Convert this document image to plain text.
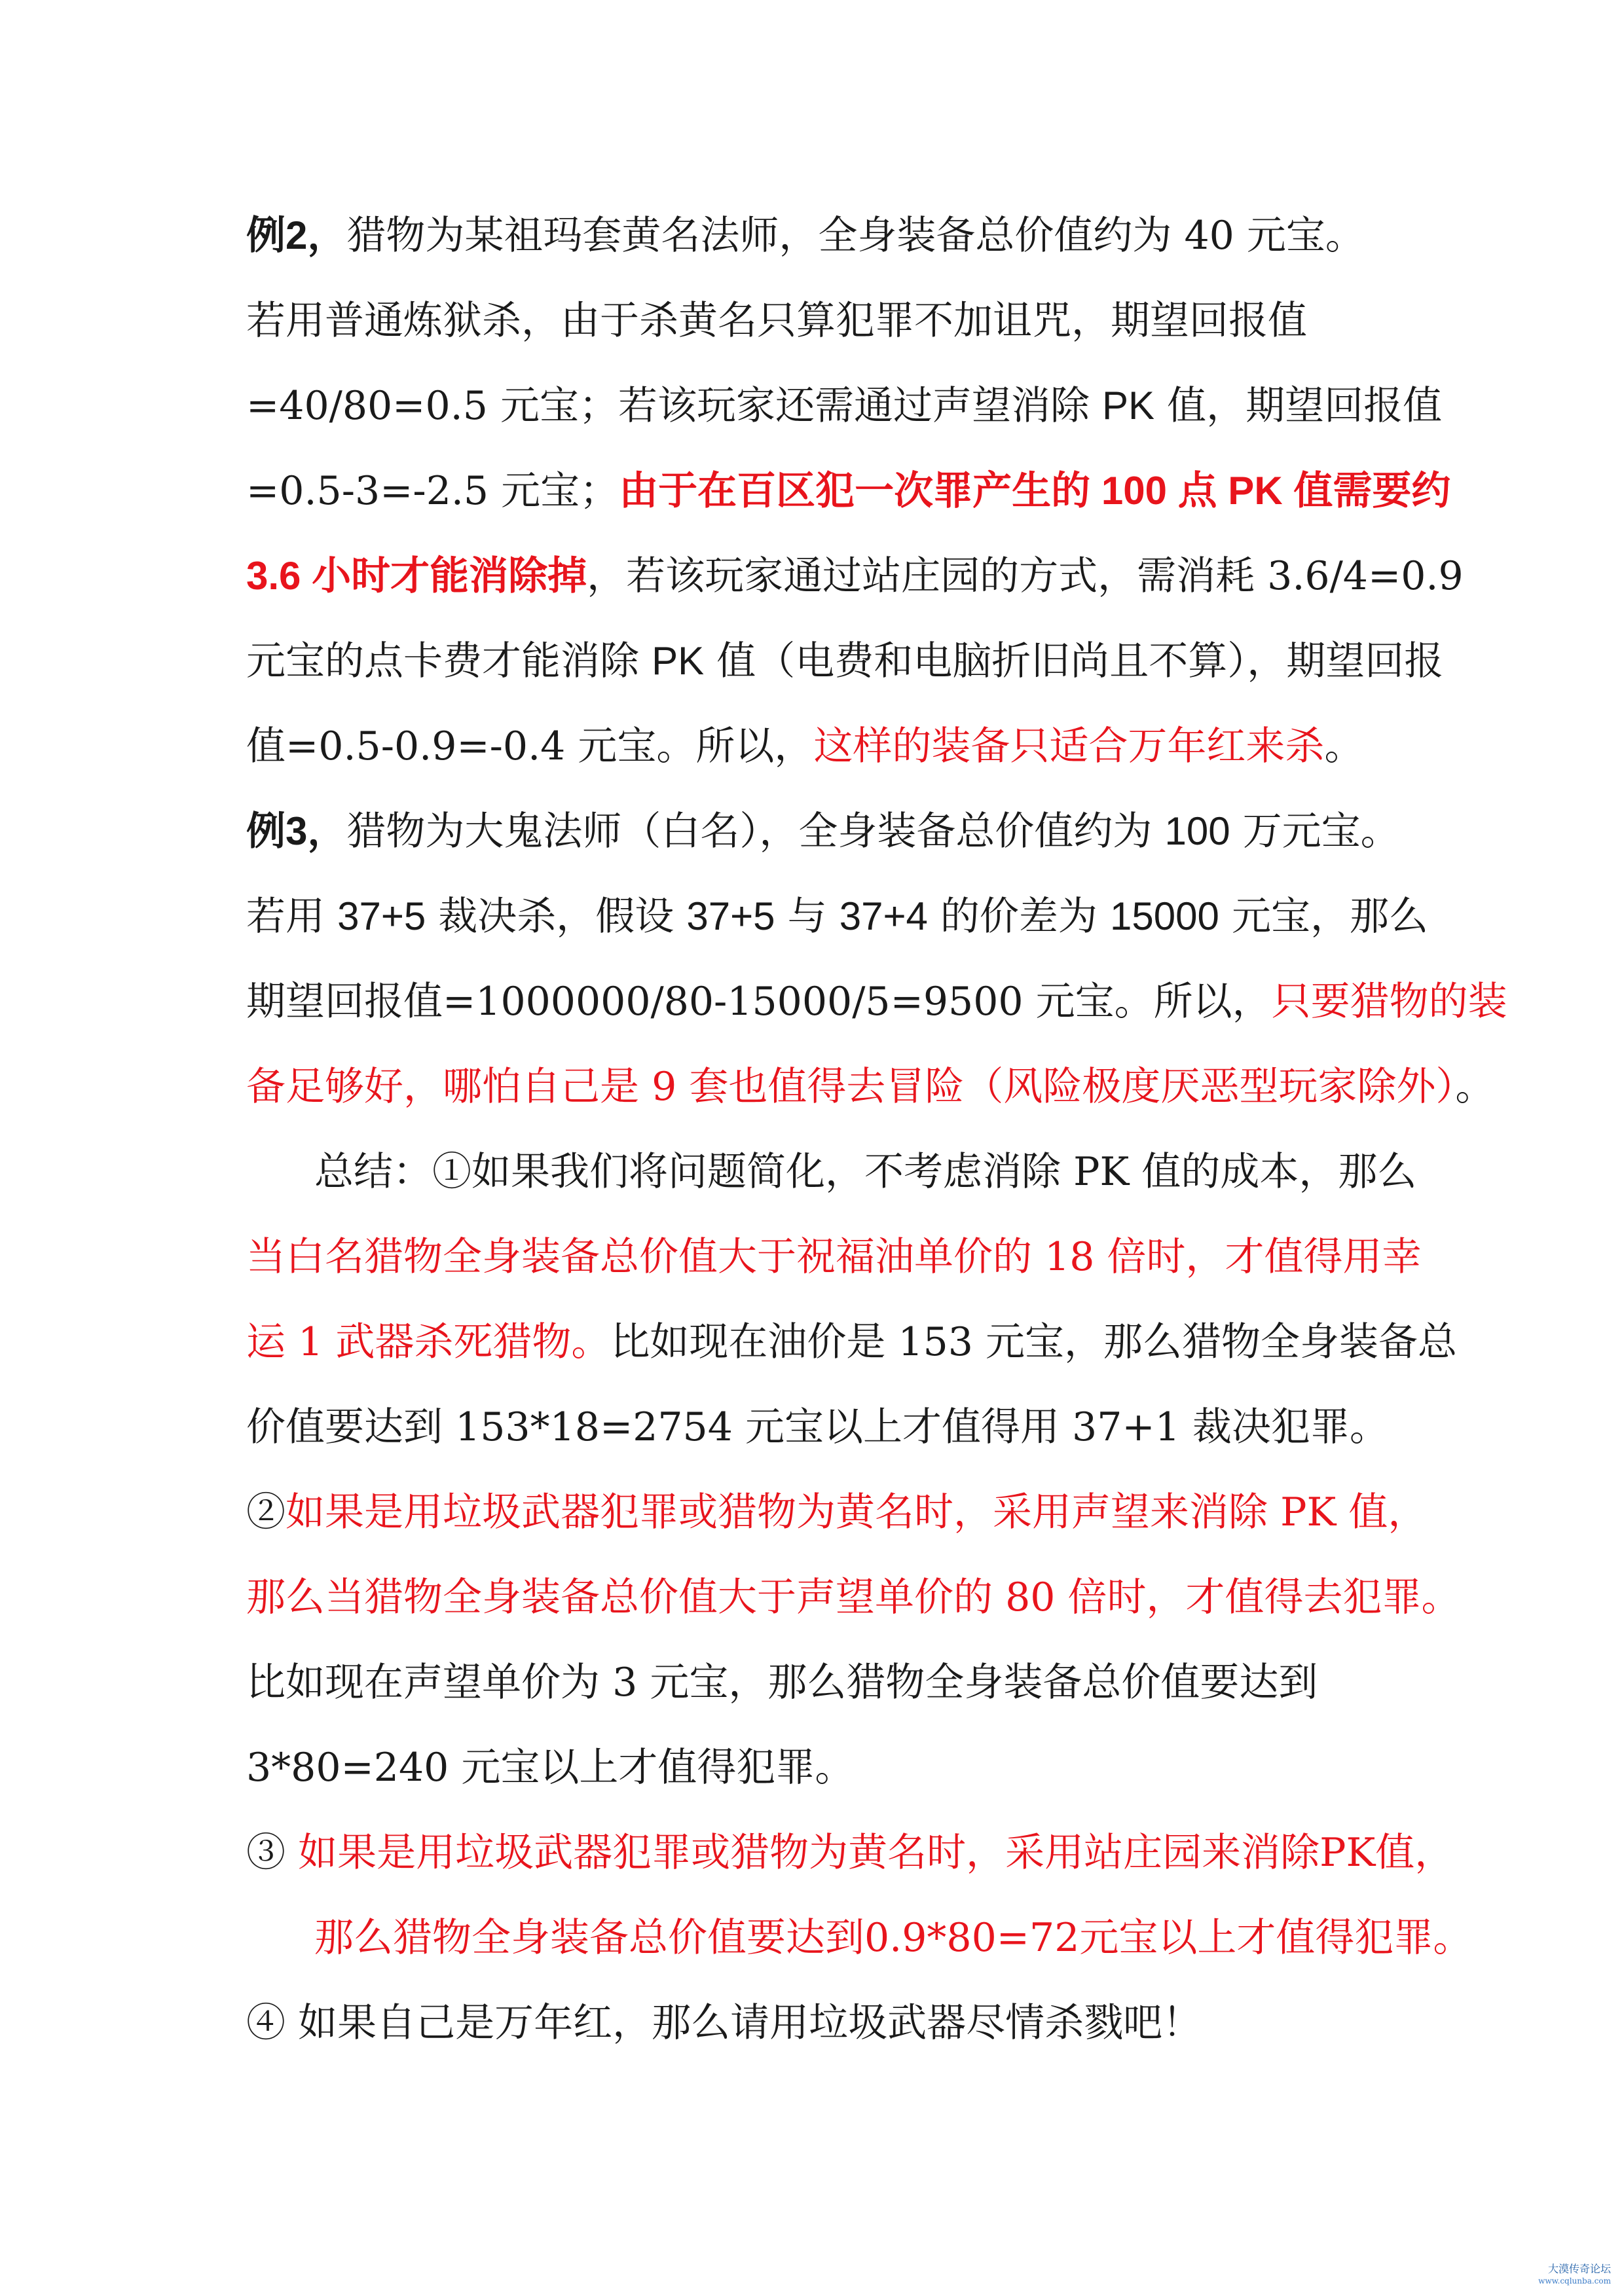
例2，猎物为某祖玛套黄名法师，全身装备总价值约为 40 元宝。
若用普通炼狱杀，由于杀黄名只算犯罪不加诅咒，期望回报值
=40/80=0.5 元宝；若该玩家还需通过声望消除 PK 值，期望回报值
=0.5-3=-2.5 元宝；由于在百区犯一次罪产生的 100 点 PK 值需要约
3.6 小时才能消除掉，若该玩家通过站庄园的方式，需消耗 3.6/4=0.9
元宝的点卡费才能消除 PK 值（电费和电脑折旧尚且不算），期望回报
值=0.5-0.9=-0.4 元宝。所以，这样的装备只适合万年红来杀。
例3，猎物为大鬼法师（白名），全身装备总价值约为 100 万元宝。
若用 37+5 裁决杀，假设 37+5 与 37+4 的价差为 15000 元宝，那么
期望回报值=1000000/80-15000/5=9500 元宝。所以，只要猎物的装
备足够好，哪怕自己是 9 套也值得去冒险（风险极度厌恶型玩家除外）。
总结：①如果我们将问题简化，不考虑消除 PK 值的成本，那么
当白名猎物全身装备总价值大于祝福油单价的 18 倍时，才值得用幸
运 1 武器杀死猎物。比如现在油价是 153 元宝，那么猎物全身装备总
价值要达到 153*18=2754 元宝以上才值得用 37+1 裁决犯罪。
②如果是用垃圾武器犯罪或猎物为黄名时，采用声望来消除 PK 值，
那么当猎物全身装备总价值大于声望单价的 80 倍时，才值得去犯罪。
比如现在声望单价为 3 元宝，那么猎物全身装备总价值要达到
3*80=240 元宝以上才值得犯罪。
③ 如果是用垃圾武器犯罪或猎物为黄名时，采用站庄园来消除PK值，
那么猎物全身装备总价值要达到0.9*80=72元宝以上才值得犯罪。
④ 如果自己是万年红，那么请用垃圾武器尽情杀戮吧！
大漠传奇论坛
www.cqlunba.com
